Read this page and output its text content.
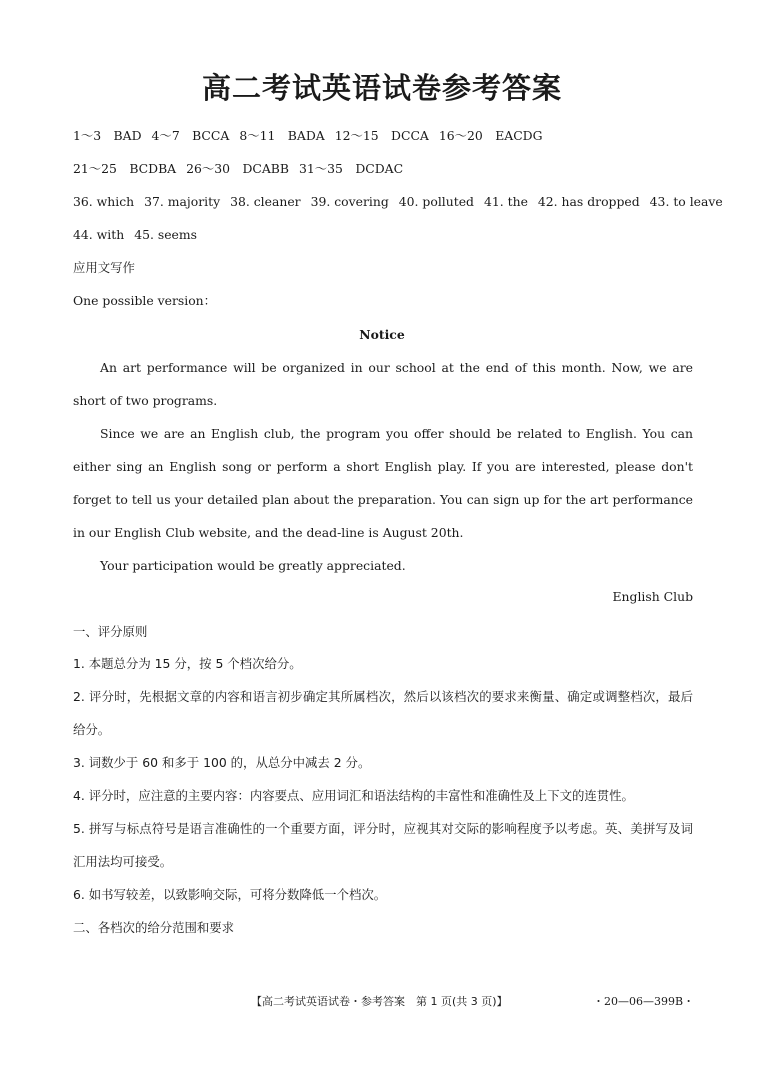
高二考试英语试卷参考答案
1～3　BAD 4～7　BCCA 8～11　BADA 12～15　DCCA 16～20　EACDG
21～25　BCDBA 26～30　DCABB 31～35　DCDAC
36. which 37. majority 38. cleaner 39. covering 40. polluted 41. the 42. has dropped 43. to leave
44. with 45. seems
应用文写作
One possible version：
Notice
An art performance will be organized in our school at the end of this month. Now, we are short of two programs.
Since we are an English club, the program you offer should be related to English. You can either sing an English song or perform a short English play. If you are interested, please don't forget to tell us your detailed plan about the preparation. You can sign up for the art performance in our English Club website, and the dead-line is August 20th.
Your participation would be greatly appreciated.
English Club
一、评分原则
1. 本题总分为 15 分，按 5 个档次给分。
2. 评分时，先根据文章的内容和语言初步确定其所属档次，然后以该档次的要求来衡量、确定或调整档次，最后给分。
3. 词数少于 60 和多于 100 的，从总分中减去 2 分。
4. 评分时，应注意的主要内容：内容要点、应用词汇和语法结构的丰富性和准确性及上下文的连贯性。
5. 拼写与标点符号是语言准确性的一个重要方面，评分时，应视其对交际的影响程度予以考虑。英、美拼写及词汇用法均可接受。
6. 如书写较差，以致影响交际，可将分数降低一个档次。
二、各档次的给分范围和要求
【高二考试英语试卷・参考答案　第 1 页(共 3 页)】	・20—06—399B・
